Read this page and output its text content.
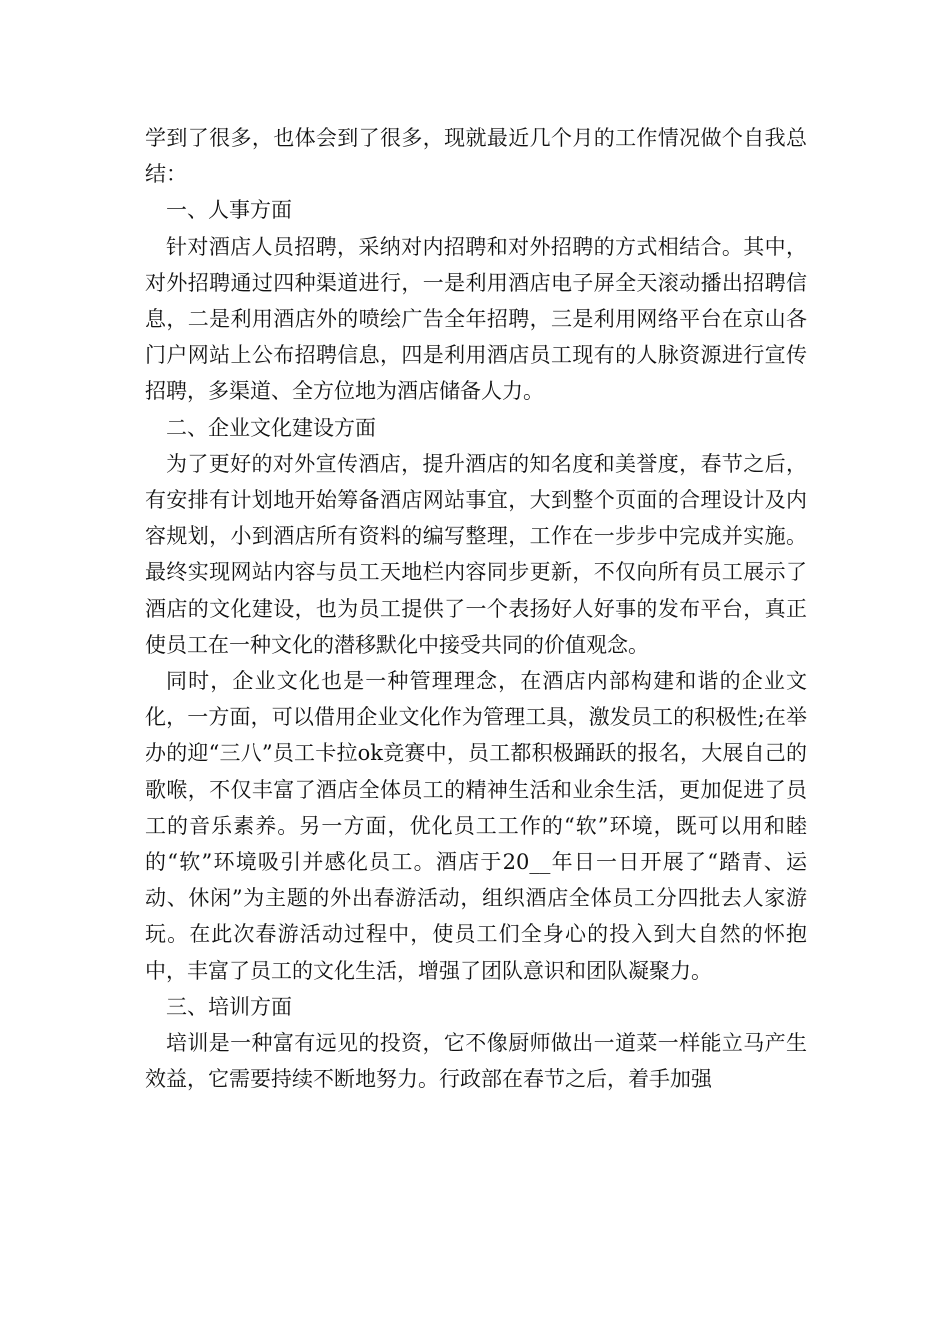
学到了很多，也体会到了很多，现就最近几个月的工作情况做个自我总结：

一、人事方面

针对酒店人员招聘，采纳对内招聘和对外招聘的方式相结合。其中，对外招聘通过四种渠道进行，一是利用酒店电子屏全天滚动播出招聘信息，二是利用酒店外的喷绘广告全年招聘，三是利用网络平台在京山各门户网站上公布招聘信息，四是利用酒店员工现有的人脉资源进行宣传招聘，多渠道、全方位地为酒店储备人力。

二、企业文化建设方面

为了更好的对外宣传酒店，提升酒店的知名度和美誉度，春节之后，有安排有计划地开始筹备酒店网站事宜，大到整个页面的合理设计及内容规划，小到酒店所有资料的编写整理，工作在一步步中完成并实施。最终实现网站内容与员工天地栏内容同步更新，不仅向所有员工展示了酒店的文化建设，也为员工提供了一个表扬好人好事的发布平台，真正使员工在一种文化的潜移默化中接受共同的价值观念。

同时，企业文化也是一种管理理念，在酒店内部构建和谐的企业文化，一方面，可以借用企业文化作为管理工具，激发员工的积极性;在举办的迎“三八”员工卡拉ok竞赛中，员工都积极踊跃的报名，大展自己的歌喉，不仅丰富了酒店全体员工的精神生活和业余生活，更加促进了员工的音乐素养。另一方面，优化员工工作的“软”环境，既可以用和睦的“软”环境吸引并感化员工。酒店于20__年日一日开展了“踏青、运动、休闲”为主题的外出春游活动，组织酒店全体员工分四批去人家游玩。在此次春游活动过程中，使员工们全身心的投入到大自然的怀抱中，丰富了员工的文化生活，增强了团队意识和团队凝聚力。

三、培训方面

培训是一种富有远见的投资，它不像厨师做出一道菜一样能立马产生效益，它需要持续不断地努力。行政部在春节之后，着手加强
